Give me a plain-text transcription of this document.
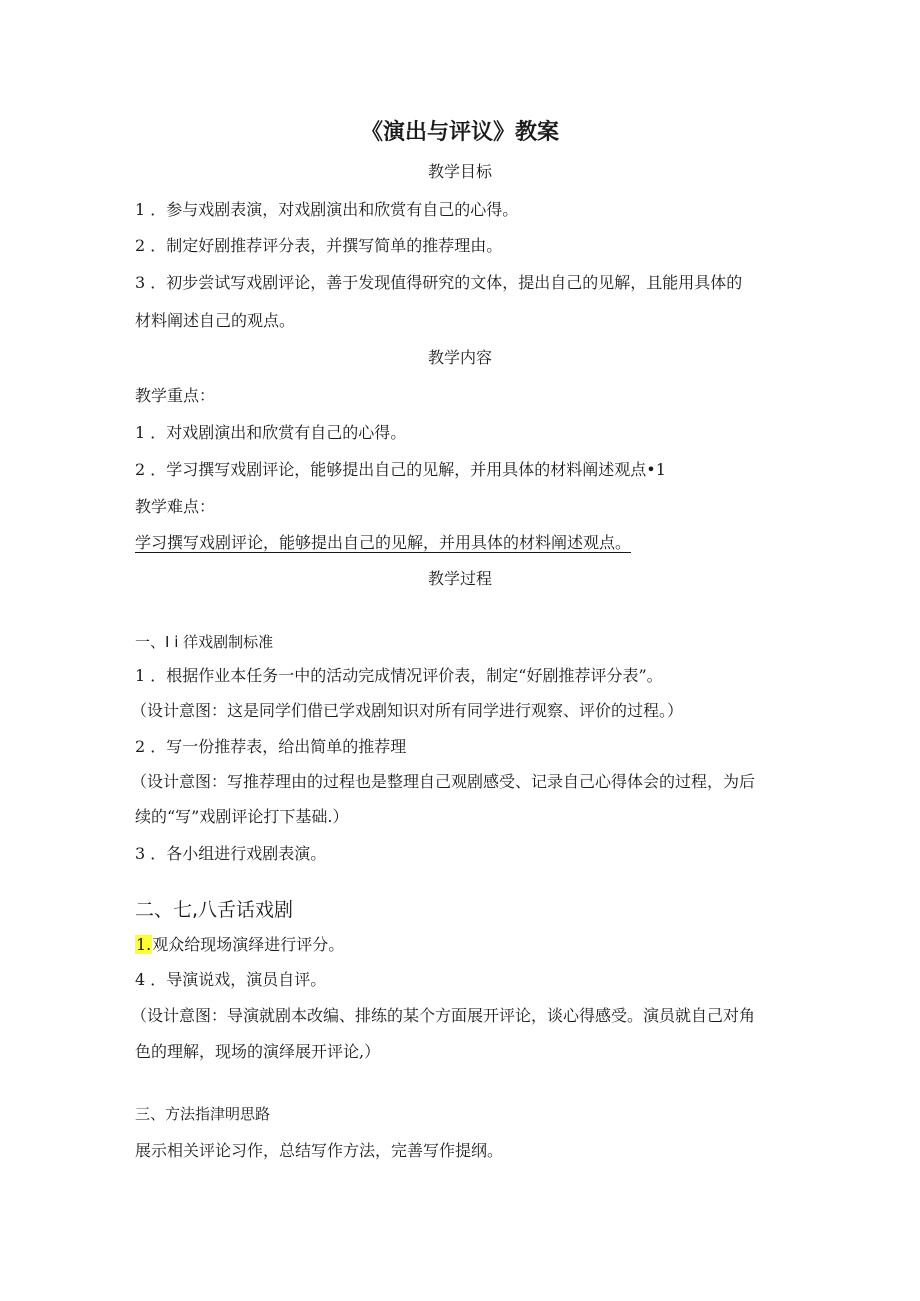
《演出与评议》教案
教学目标
1 ．参与戏剧表演，对戏剧演出和欣赏有自己的心得。
2 ．制定好剧推荐评分表，并撰写简单的推荐理由。
3 ．初步尝试写戏剧评论，善于发现值得研究的文体，提出自己的见解，且能用具体的
材料阐述自己的观点。
教学内容
教学重点：
1 ．对戏剧演出和欣赏有自己的心得。
2 ．学习撰写戏剧评论，能够提出自己的见解，并用具体的材料阐述观点•1
教学难点：
学习撰写戏剧评论，能够提出自己的见解，并用具体的材料阐述观点。
教学过程
一、I i 徉戏剧制标准
1 ．根据作业本任务一中的活动完成情况评价表，制定“好剧推荐评分表”。
（设计意图：这是同学们借已学戏剧知识对所有同学进行观察、评价的过程。）
2 ．写一份推荐表，给出简单的推荐理
（设计意图：写推荐理由的过程也是整理自己观剧感受、记录自己心得体会的过程，为后
续的“写”戏剧评论打下基础.）
3 ．各小组进行戏剧表演。
二、七,八舌话戏剧
1.观众给现场演绎进行评分。
4 ．导演说戏，演员自评。
（设计意图：导演就剧本改编、排练的某个方面展开评论，谈心得感受。演员就自己对角
色的理解，现场的演绎展开评论,）
三、方法指津明思路
展示相关评论习作，总结写作方法，完善写作提纲。
